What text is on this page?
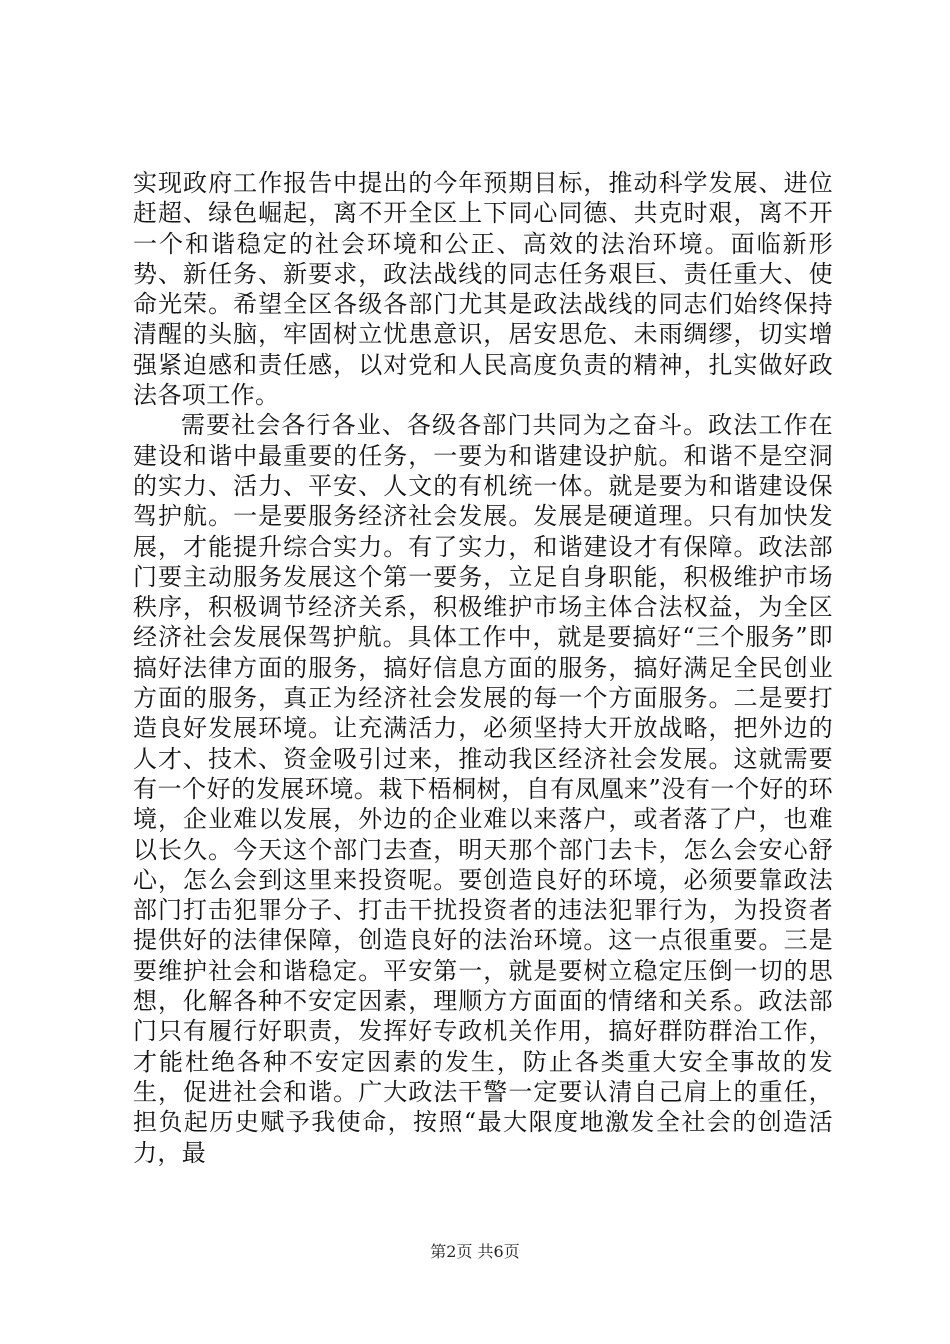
实现政府工作报告中提出的今年预期目标，推动科学发展、进位赶超、绿色崛起，离不开全区上下同心同德、共克时艰，离不开一个和谐稳定的社会环境和公正、高效的法治环境。面临新形势、新任务、新要求，政法战线的同志任务艰巨、责任重大、使命光荣。希望全区各级各部门尤其是政法战线的同志们始终保持清醒的头脑，牢固树立忧患意识，居安思危、未雨绸缪，切实增强紧迫感和责任感，以对党和人民高度负责的精神，扎实做好政法各项工作。

需要社会各行各业、各级各部门共同为之奋斗。政法工作在建设和谐中最重要的任务，一要为和谐建设护航。和谐不是空洞的实力、活力、平安、人文的有机统一体。就是要为和谐建设保驾护航。一是要服务经济社会发展。发展是硬道理。只有加快发展，才能提升综合实力。有了实力，和谐建设才有保障。政法部门要主动服务发展这个第一要务，立足自身职能，积极维护市场秩序，积极调节经济关系，积极维护市场主体合法权益，为全区经济社会发展保驾护航。具体工作中，就是要搞好“三个服务”即搞好法律方面的服务，搞好信息方面的服务，搞好满足全民创业方面的服务，真正为经济社会发展的每一个方面服务。二是要打造良好发展环境。让充满活力，必须坚持大开放战略，把外边的人才、技术、资金吸引过来，推动我区经济社会发展。这就需要有一个好的发展环境。栽下梧桐树，自有凤凰来”没有一个好的环境，企业难以发展，外边的企业难以来落户，或者落了户，也难以长久。今天这个部门去查，明天那个部门去卡，怎么会安心舒心，怎么会到这里来投资呢。要创造良好的环境，必须要靠政法部门打击犯罪分子、打击干扰投资者的违法犯罪行为，为投资者提供好的法律保障，创造良好的法治环境。这一点很重要。三是要维护社会和谐稳定。平安第一，就是要树立稳定压倒一切的思想，化解各种不安定因素，理顺方方面面的情绪和关系。政法部门只有履行好职责，发挥好专政机关作用，搞好群防群治工作，才能杜绝各种不安定因素的发生，防止各类重大安全事故的发生，促进社会和谐。广大政法干警一定要认清自己肩上的重任，担负起历史赋予我使命，按照“最大限度地激发全社会的创造活力，最

第2页 共6页
